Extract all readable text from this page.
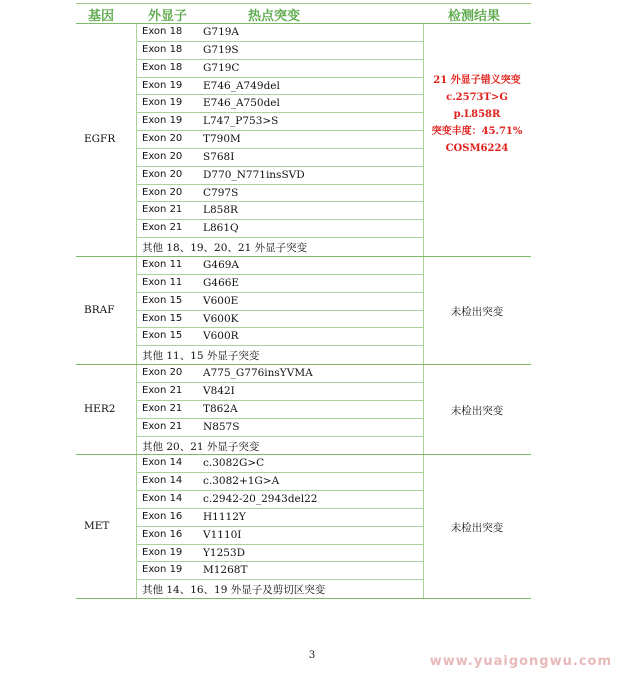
基因	外显子	热点突变	检测结果
EGFR
Exon 18 G719A
Exon 18 G719S
Exon 18 G719C
Exon 19 E746_A749del
Exon 19 E746_A750del
Exon 19 L747_P753>S
Exon 20 T790M
Exon 20 S768I
Exon 20 D770_N771insSVD
Exon 20 C797S
Exon 21 L858R
Exon 21 L861Q
其他 18、19、20、21 外显子突变
21 外显子错义突变
c.2573T>G
p.L858R
突变丰度：45.71%
COSM6224
BRAF
Exon 11 G469A
Exon 11 G466E
Exon 15 V600E
Exon 15 V600K
Exon 15 V600R
其他 11、15 外显子突变
未检出突变
HER2
Exon 20 A775_G776insYVMA
Exon 21 V842I
Exon 21 T862A
Exon 21 N857S
其他 20、21 外显子突变
未检出突变
MET
Exon 14 c.3082G>C
Exon 14 c.3082+1G>A
Exon 14 c.2942-20_2943del22
Exon 16 H1112Y
Exon 16 V1110I
Exon 19 Y1253D
Exon 19 M1268T
其他 14、16、19 外显子及剪切区突变
未检出突变
3	www.yuaigongwu.com
